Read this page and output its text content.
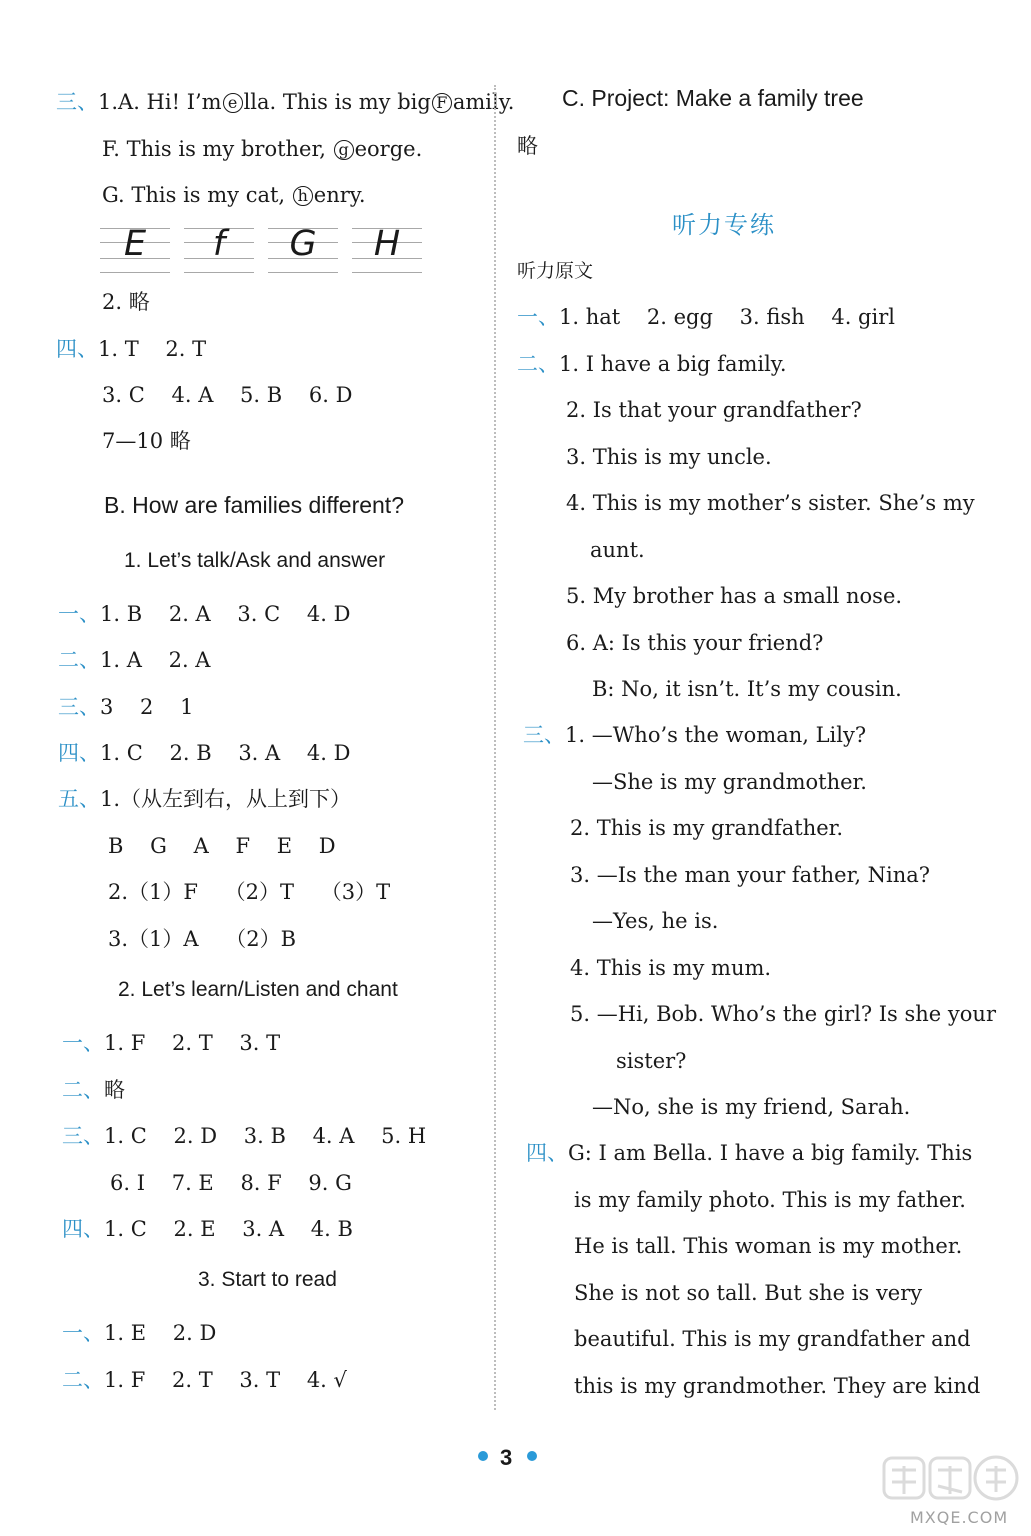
三、1.A. Hi! I’m e lla. This is my big F amily.
F. This is my brother, g eorge.
G. This is my cat, h enry.
E	f	G	H
2. 略
四、1. T    2. T
3. C    4. A    5. B    6. D
7—10 略
B. How are families different?
1. Let’s talk/Ask and answer
一、1. B    2. A    3. C    4. D
二、1. A    2. A
三、3    2    1
四、1. C    2. B    3. A    4. D
五、1.（从左到右，从上到下）
B    G    A    F    E    D
2.（1）F    （2）T    （3）T
3.（1）A    （2）B
2. Let’s learn/Listen and chant
一、1. F    2. T    3. T
二、略
三、1. C    2. D    3. B    4. A    5. H
6. I    7. E    8. F    9. G
四、1. C    2. E    3. A    4. B
3. Start to read
一、1. E    2. D
二、1. F    2. T    3. T    4. √
C. Project: Make a family tree
略
听力专练
听力原文
一、1. hat    2. egg    3. fish    4. girl
二、1. I have a big family.
2. Is that your grandfather?
3. This is my uncle.
4. This is my mother’s sister. She’s my
aunt.
5. My brother has a small nose.
6. A: Is this your friend?
B: No, it isn’t. It’s my cousin.
三、1. —Who’s the woman, Lily?
—She is my grandmother.
2. This is my grandfather.
3. —Is the man your father, Nina?
—Yes, he is.
4. This is my mum.
5. —Hi, Bob. Who’s the girl? Is she your
sister?
—No, she is my friend, Sarah.
四、G: I am Bella. I have a big family. This
is my family photo. This is my father.
He is tall. This woman is my mother.
She is not so tall. But she is very
beautiful. This is my grandfather and
this is my grandmother. They are kind
3
MXQE.COM
